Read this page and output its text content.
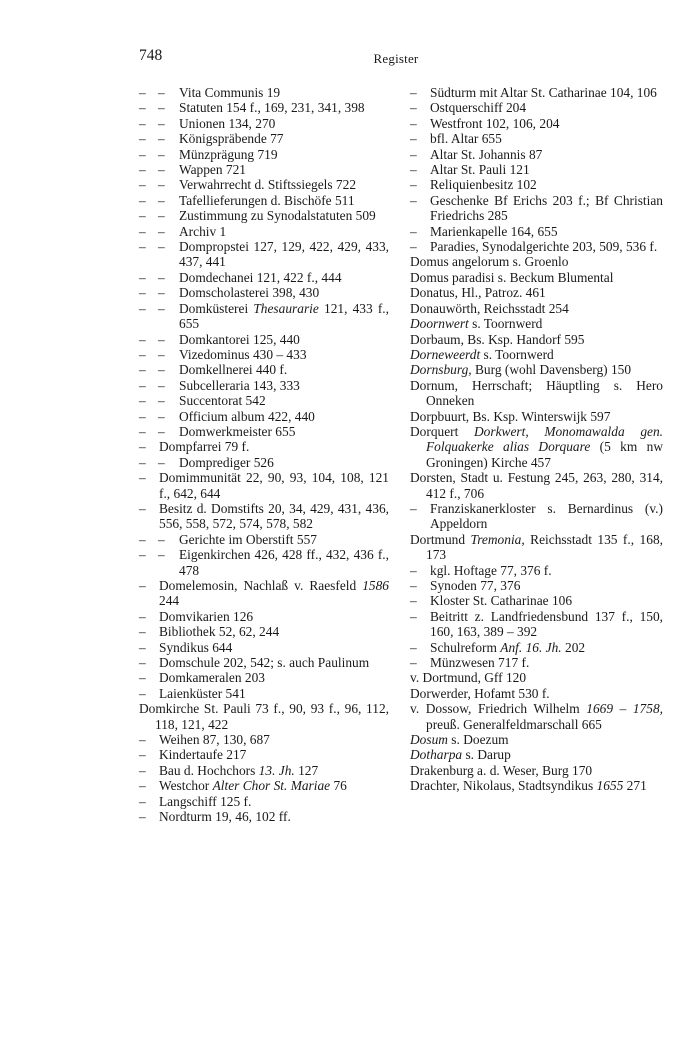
748	Register
–
–
Vita Communis 19
–
–
Statuten 154 f., 169, 231, 341, 398
–
–
Unionen 134, 270
–
–
Königspräbende 77
–
–
Münzprägung 719
–
–
Wappen 721
–
–
Verwahrrecht d. Stiftssiegels 722
–
–
Tafellieferungen d. Bischöfe 511
–
–
Zustimmung zu Synodalstatuten 509
–
–
Archiv 1
–
–
Dompropstei 127, 129, 422, 429, 433, 437, 441
–
–
Domdechanei 121, 422 f., 444
–
–
Domscholasterei 398, 430
–
–
Domküsterei Thesaurarie 121, 433 f., 655
–
–
Domkantorei 125, 440
–
–
Vizedominus 430 – 433
–
–
Domkellnerei 440 f.
–
–
Subcelleraria 143, 333
–
–
Succentorat 542
–
–
Officium album 422, 440
–
–
Domwerkmeister 655
–
Dompfarrei 79 f.
–
–
Domprediger 526
–
Domimmunität 22, 90, 93, 104, 108, 121 f., 642, 644
–
Besitz d. Domstifts 20, 34, 429, 431, 436, 556, 558, 572, 574, 578, 582
–
–
Gerichte im Oberstift 557
–
–
Eigenkirchen 426, 428 ff., 432, 436 f., 478
–
Domelemosin, Nachlaß v. Raesfeld 1586 244
–
Domvikarien 126
–
Bibliothek 52, 62, 244
–
Syndikus 644
–
Domschule 202, 542; s. auch Paulinum
–
Domkameralen 203
–
Laienküster 541
Domkirche St. Pauli 73 f., 90, 93 f., 96, 112, 118, 121, 422
–
Weihen 87, 130, 687
–
Kindertaufe 217
–
Bau d. Hochchors 13. Jh. 127
–
Westchor Alter Chor St. Mariae 76
–
Langschiff 125 f.
–
Nordturm 19, 46, 102 ff.
–
Südturm mit Altar St. Catharinae 104, 106
–
Ostquerschiff 204
–
Westfront 102, 106, 204
–
bfl. Altar 655
–
Altar St. Johannis 87
–
Altar St. Pauli 121
–
Reliquienbesitz 102
–
Geschenke Bf Erichs 203 f.; Bf Christian Friedrichs 285
–
Marienkapelle 164, 655
–
Paradies, Synodalgerichte 203, 509, 536 f.
Domus angelorum s. Groenlo
Domus paradisi s. Beckum Blumental
Donatus, Hl., Patroz. 461
Donauwörth, Reichsstadt 254
Doornwert s. Toornwerd
Dorbaum, Bs. Ksp. Handorf 595
Dorneweerdt s. Toornwerd
Dornsburg, Burg (wohl Davensberg) 150
Dornum, Herrschaft; Häuptling s. Hero Onneken
Dorpbuurt, Bs. Ksp. Winterswijk 597
Dorquert Dorkwert, Monomawalda gen. Folquakerke alias Dorquare (5 km nw Groningen) Kirche 457
Dorsten, Stadt u. Festung 245, 263, 280, 314, 412 f., 706
–
Franziskanerkloster s. Bernardinus (v.) Appeldorn
Dortmund Tremonia, Reichsstadt 135 f., 168, 173
–
kgl. Hoftage 77, 376 f.
–
Synoden 77, 376
–
Kloster St. Catharinae 106
–
Beitritt z. Landfriedensbund 137 f., 150, 160, 163, 389 – 392
–
Schulreform Anf. 16. Jh. 202
–
Münzwesen 717 f.
v. Dortmund, Gff 120
Dorwerder, Hofamt 530 f.
v. Dossow, Friedrich Wilhelm 1669 – 1758, preuß. Generalfeldmarschall 665
Dosum s. Doezum
Dotharpa s. Darup
Drakenburg a. d. Weser, Burg 170
Drachter, Nikolaus, Stadtsyndikus 1655 271
